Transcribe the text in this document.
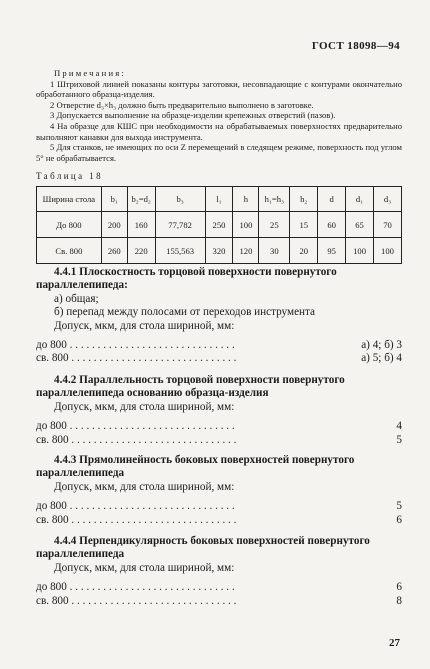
ГОСТ 18098—94

Примечания:

1 Штриховой линией показаны контуры заготовки, несовпадающие с контурами окончательно обработанного образца-изделия.

2 Отверстие d₃×h₃ должно быть предварительно выполнено в заготовке.

3 Допускается выполнение на образце-изделии крепежных отверстий (пазов).

4 На образце для КШС при необходимости на обрабатываемых поверхностях предварительно выполняют канавки для выхода инструмента.

5 Для станков, не имеющих по оси Z перемещений в следящем режиме, поверхность под углом 5° не обрабатывается.

Таблица 18
Ширина стола	b₁	b₂=d₂	b₃	l₁	h	h₁=h₃	h₂	d	d₁	d₃
До 800	200	160	77,782	250	100	25	15	60	65	70
Св. 800	260	220	155,563	320	120	30	20	95	100	100

4.4.1 Плоскостность торцовой поверхности повернутого параллелепипеда:

а) общая;

б) перепад между полосами от переходов инструмента

Допуск, мкм, для стола шириной, мм:

до 800 . . . . . . . . . . . . . . . . . . . . . . . . . . . . . .	а) 4; б) 3

св. 800 . . . . . . . . . . . . . . . . . . . . . . . . . . . . . .	а) 5; б) 4

4.4.2 Параллельность торцовой поверхности повернутого параллелепипеда основанию образца-изделия

Допуск, мкм, для стола шириной, мм:

до 800 . . . . . . . . . . . . . . . . . . . . . . . . . . . . . .	4

св. 800 . . . . . . . . . . . . . . . . . . . . . . . . . . . . . .	5

4.4.3 Прямолинейность боковых поверхностей повернутого параллелепипеда

Допуск, мкм, для стола шириной, мм:

до 800 . . . . . . . . . . . . . . . . . . . . . . . . . . . . . .	5

св. 800 . . . . . . . . . . . . . . . . . . . . . . . . . . . . . .	6

4.4.4 Перпендикулярность боковых поверхностей повернутого параллелепипеда

Допуск, мкм, для стола шириной, мм:

до 800 . . . . . . . . . . . . . . . . . . . . . . . . . . . . . .	6

св. 800 . . . . . . . . . . . . . . . . . . . . . . . . . . . . . .	8

27
